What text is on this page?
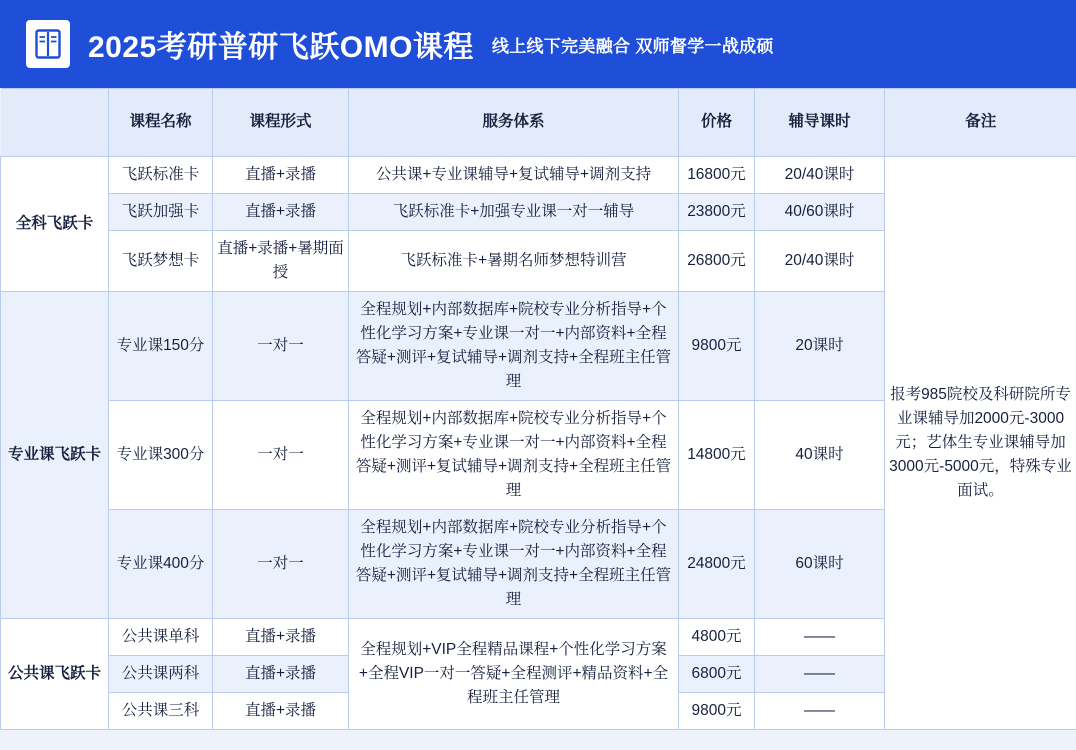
2025考研普研飞跃OMO课程 线上线下完美融合 双师督学一战成硕
	课程名称	课程形式	服务体系	价格	辅导课时	备注
全科飞跃卡	飞跃标准卡	直播+录播	公共课+专业课辅导+复试辅导+调剂支持	16800元	20/40课时	报考985院校及科研院所专业课辅导加2000元-3000元；艺体生专业课辅导加3000元-5000元，特殊专业面试。
	飞跃加强卡	直播+录播	飞跃标准卡+加强专业课一对一辅导	23800元	40/60课时	
	飞跃梦想卡	直播+录播+暑期面授	飞跃标准卡+暑期名师梦想特训营	26800元	20/40课时	
专业课飞跃卡	专业课150分	一对一	全程规划+内部数据库+院校专业分析指导+个性化学习方案+专业课一对一+内部资料+全程答疑+测评+复试辅导+调剂支持+全程班主任管理	9800元	20课时	
	专业课300分	一对一	全程规划+内部数据库+院校专业分析指导+个性化学习方案+专业课一对一+内部资料+全程答疑+测评+复试辅导+调剂支持+全程班主任管理	14800元	40课时	
	专业课400分	一对一	全程规划+内部数据库+院校专业分析指导+个性化学习方案+专业课一对一+内部资料+全程答疑+测评+复试辅导+调剂支持+全程班主任管理	24800元	60课时	
公共课飞跃卡	公共课单科	直播+录播	全程规划+VIP全程精品课程+个性化学习方案+全程VIP一对一答疑+全程测评+精品资料+全程班主任管理	4800元	——	
	公共课两科	直播+录播		6800元	——	
	公共课三科	直播+录播		9800元	——	
